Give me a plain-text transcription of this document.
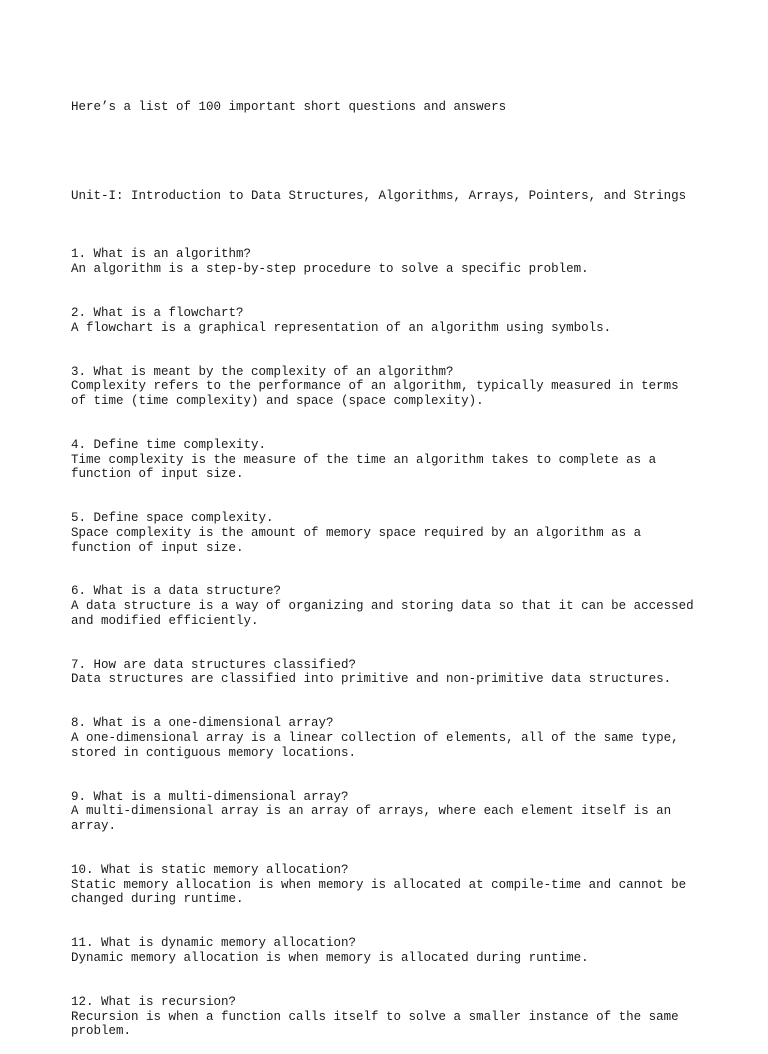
Here’s a list of 100 important short questions and answers

Unit-I: Introduction to Data Structures, Algorithms, Arrays, Pointers, and Strings

1. What is an algorithm?
An algorithm is a step-by-step procedure to solve a specific problem.
2. What is a flowchart?
A flowchart is a graphical representation of an algorithm using symbols.
3. What is meant by the complexity of an algorithm?
Complexity refers to the performance of an algorithm, typically measured in terms
of time (time complexity) and space (space complexity).
4. Define time complexity.
Time complexity is the measure of the time an algorithm takes to complete as a
function of input size.
5. Define space complexity.
Space complexity is the amount of memory space required by an algorithm as a
function of input size.
6. What is a data structure?
A data structure is a way of organizing and storing data so that it can be accessed
and modified efficiently.
7. How are data structures classified?
Data structures are classified into primitive and non-primitive data structures.
8. What is a one-dimensional array?
A one-dimensional array is a linear collection of elements, all of the same type,
stored in contiguous memory locations.
9. What is a multi-dimensional array?
A multi-dimensional array is an array of arrays, where each element itself is an
array.
10. What is static memory allocation?
Static memory allocation is when memory is allocated at compile-time and cannot be
changed during runtime.
11. What is dynamic memory allocation?
Dynamic memory allocation is when memory is allocated during runtime.
12. What is recursion?
Recursion is when a function calls itself to solve a smaller instance of the same
problem.
